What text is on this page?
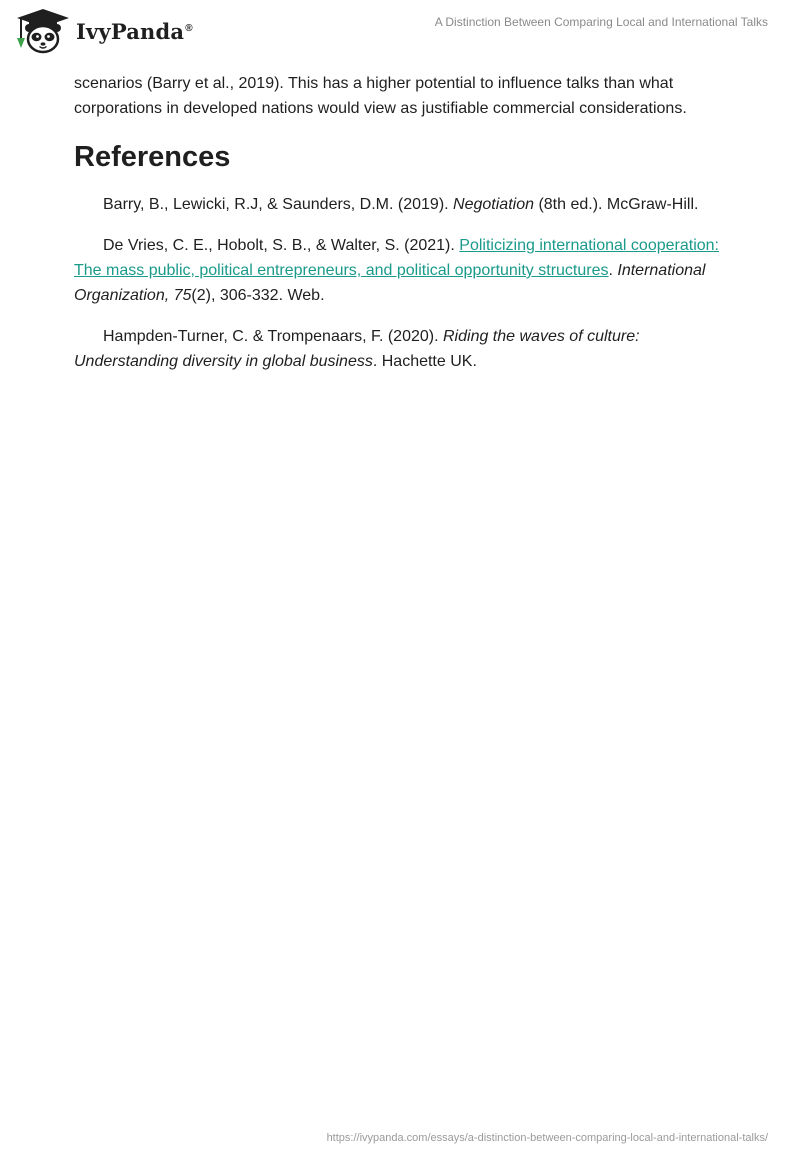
IvyPanda®	A Distinction Between Comparing Local and International Talks

scenarios (Barry et al., 2019). This has a higher potential to influence talks than what corporations in developed nations would view as justifiable commercial considerations.

References

Barry, B., Lewicki, R.J, & Saunders, D.M. (2019). Negotiation (8th ed.). McGraw-Hill.

De Vries, C. E., Hobolt, S. B., & Walter, S. (2021). Politicizing international cooperation: The mass public, political entrepreneurs, and political opportunity structures. International Organization, 75(2), 306-332. Web.

Hampden-Turner, C. & Trompenaars, F. (2020). Riding the waves of culture: Understanding diversity in global business. Hachette UK.

https://ivypanda.com/essays/a-distinction-between-comparing-local-and-international-talks/
